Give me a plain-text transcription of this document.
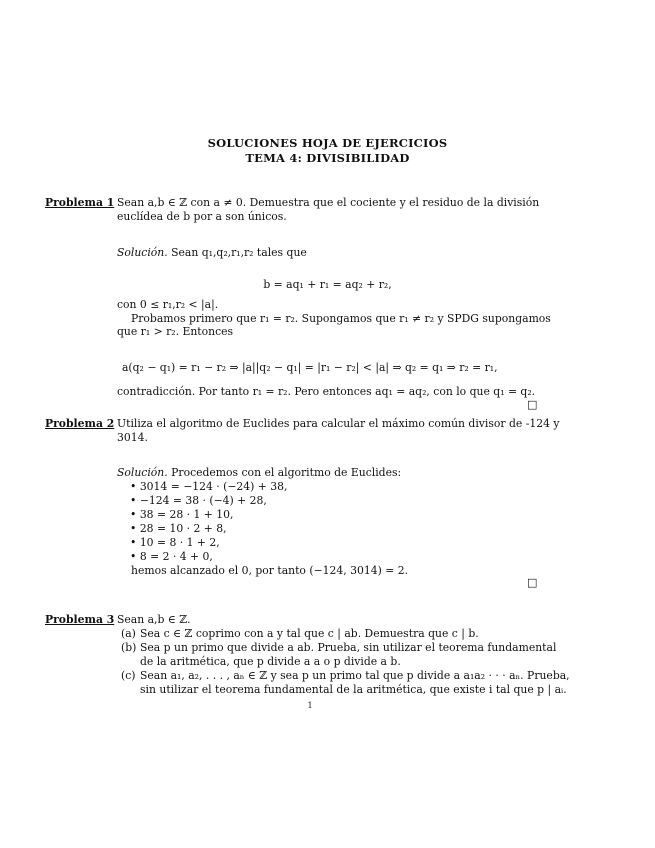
SOLUCIONES HOJA DE EJERCICIOS
TEMA 4: DIVISIBILIDAD
Problema 1 Sean a,b ∈ ℤ con a ≠ 0. Demuestra que el cociente y el residuo de la división
euclídea de b por a son únicos.
Solución. Sean q₁,q₂,r₁,r₂ tales que
b = aq₁ + r₁ = aq₂ + r₂,
con 0 ≤ r₁,r₂ < |a|.
Probamos primero que r₁ = r₂. Supongamos que r₁ ≠ r₂ y SPDG supongamos
que r₁ > r₂. Entonces
a(q₂ − q₁) = r₁ − r₂ ⇒ |a||q₂ − q₁| = |r₁ − r₂| < |a| ⇒ q₂ = q₁ ⇒ r₂ = r₁,
contradicción. Por tanto r₁ = r₂. Pero entonces aq₁ = aq₂, con lo que q₁ = q₂.
□
Problema 2 Utiliza el algoritmo de Euclides para calcular el máximo común divisor de -124 y
3014.
Solución. Procedemos con el algoritmo de Euclides:
• 3014 = −124 · (−24) + 38,
• −124 = 38 · (−4) + 28,
• 38 = 28 · 1 + 10,
• 28 = 10 · 2 + 8,
• 10 = 8 · 1 + 2,
• 8 = 2 · 4 + 0,
hemos alcanzado el 0, por tanto (−124, 3014) = 2.
□
Problema 3 Sean a,b ∈ ℤ.
(a) Sea c ∈ ℤ coprimo con a y tal que c | ab. Demuestra que c | b.
(b) Sea p un primo que divide a ab. Prueba, sin utilizar el teorema fundamental
de la aritmética, que p divide a a o p divide a b.
(c) Sean a₁, a₂, . . . , aₙ ∈ ℤ y sea p un primo tal que p divide a a₁a₂ · · · aₙ. Prueba,
sin utilizar el teorema fundamental de la aritmética, que existe i tal que p | aᵢ.
1
